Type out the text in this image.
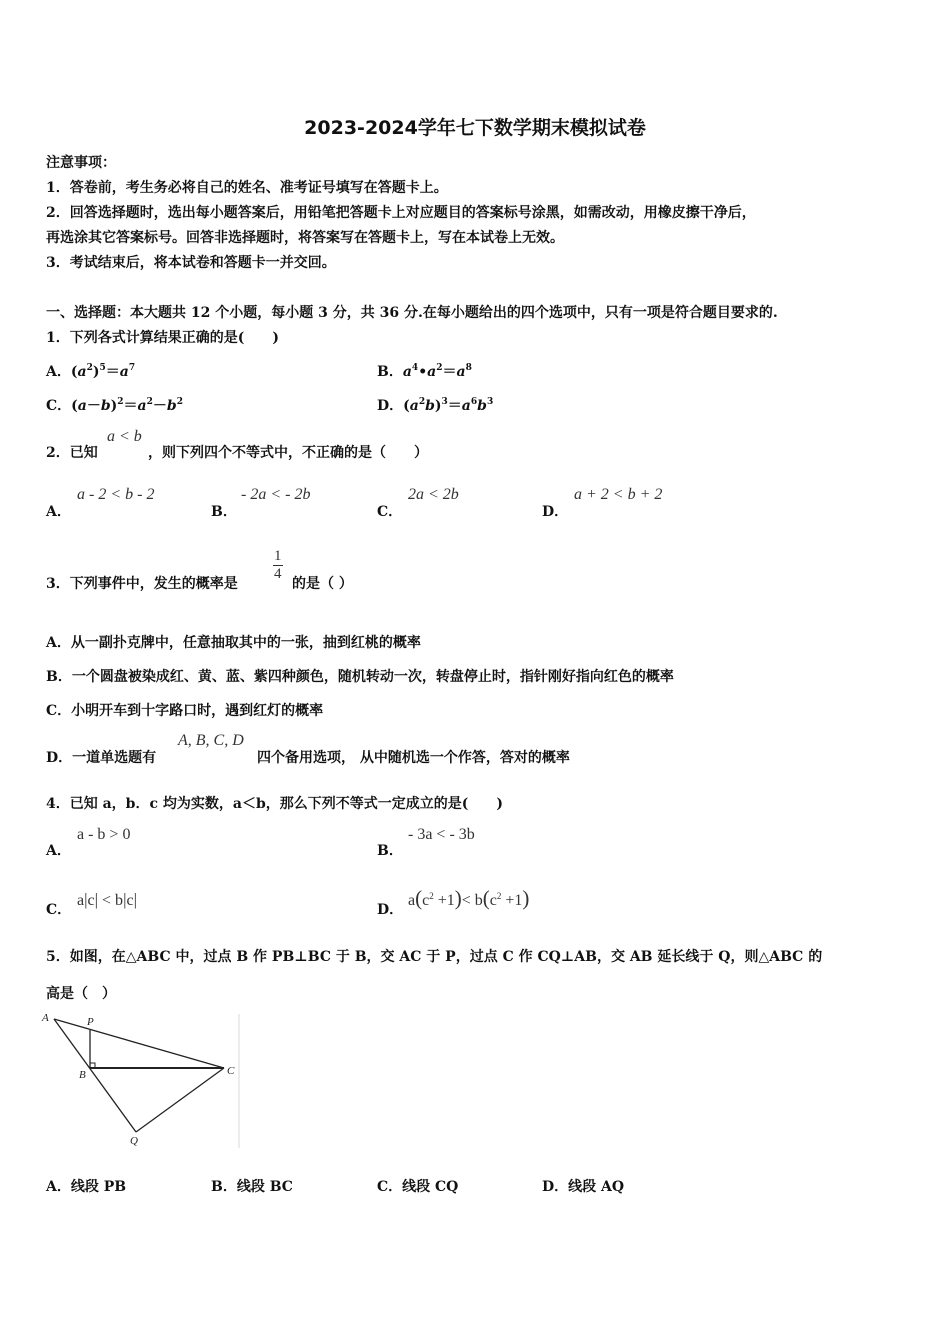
2023-2024学年七下数学期末模拟试卷
注意事项：
1．答卷前，考生务必将自己的姓名、准考证号填写在答题卡上。
2．回答选择题时，选出每小题答案后，用铅笔把答题卡上对应题目的答案标号涂黑，如需改动，用橡皮擦干净后，
再选涂其它答案标号。回答非选择题时，将答案写在答题卡上，写在本试卷上无效。
3．考试结束后，将本试卷和答题卡一并交回。
一、选择题：本大题共 12 个小题，每小题 3 分，共 36 分.在每小题给出的四个选项中，只有一项是符合题目要求的.
1．下列各式计算结果正确的是(　　)
A．$(a^2)^5=a^7$	B．$a^4•a^2=a^8$
C．$(a-b)^2=a^2-b^2$	D．$(a^2b)^3=a^6b^3$
2．已知
a < b
，则下列四个不等式中，不正确的是（　　）
A．
a - 2 < b - 2
B．
- 2a < - 2b
C．
2a < 2b
D．
a + 2 < b + 2
3．下列事件中，发生的概率是
$\frac{1}{4}$
的是（ ）
A．从一副扑克牌中，任意抽取其中的一张，抽到红桃的概率
B．一个圆盘被染成红、黄、蓝、紫四种颜色，随机转动一次，转盘停止时，指针刚好指向红色的概率
C．小明开车到十字路口时，遇到红灯的概率
D．一道单选题有
A, B, C, D
四个备用选项， 从中随机选一个作答，答对的概率
4．已知 a，b．c 均为实数，a＜b，那么下列不等式一定成立的是(　　)
A．
a - b > 0
B．
- 3a < - 3b
C．
a|c| < b|c|
D．
$a(c^2 +1)< b(c^2 +1)$
5．如图，在△ABC 中，过点 B 作 PB⊥BC 于 B，交 AC 于 P，过点 C 作 CQ⊥AB，交 AB 延长线于 Q，则△ABC 的
高是（　）
A	P
B	C
Q
A．线段 PB	B．线段 BC	C．线段 CQ	D．线段 AQ
